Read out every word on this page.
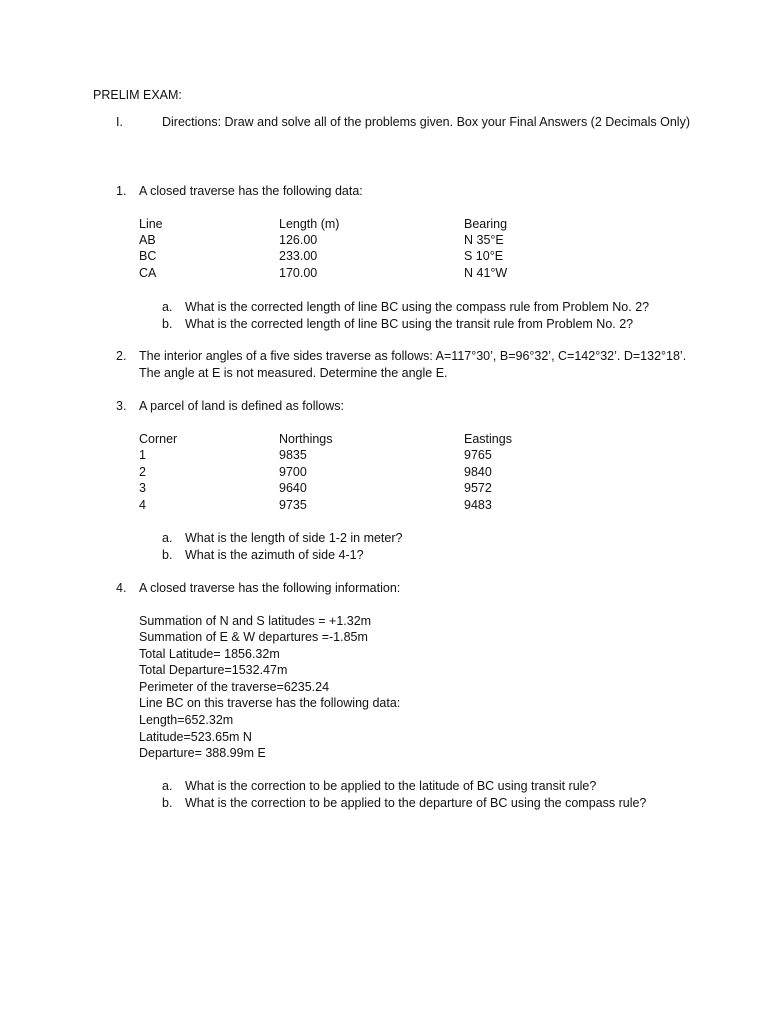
PRELIM EXAM:
I.	Directions: Draw and solve all of the problems given. Box your Final Answers (2 Decimals Only)
1. A closed traverse has the following data:
Line	Length (m)	Bearing
AB	126.00	N 35°E
BC	233.00	S 10°E
CA	170.00	N 41°W
a. What is the corrected length of line BC using the compass rule from Problem No. 2?
b. What is the corrected length of line BC using the transit rule from Problem No. 2?
2. The interior angles of a five sides traverse as follows: A=117°30’, B=96°32’, C=142°32’. D=132°18’.
The angle at E is not measured. Determine the angle E.
3. A parcel of land is defined as follows:
Corner	Northings	Eastings
1	9835	9765
2	9700	9840
3	9640	9572
4	9735	9483
a. What is the length of side 1-2 in meter?
b. What is the azimuth of side 4-1?
4. A closed traverse has the following information:
Summation of N and S latitudes = +1.32m
Summation of E & W departures =-1.85m
Total Latitude= 1856.32m
Total Departure=1532.47m
Perimeter of the traverse=6235.24
Line BC on this traverse has the following data:
Length=652.32m
Latitude=523.65m N
Departure= 388.99m E
a. What is the correction to be applied to the latitude of BC using transit rule?
b. What is the correction to be applied to the departure of BC using the compass rule?
